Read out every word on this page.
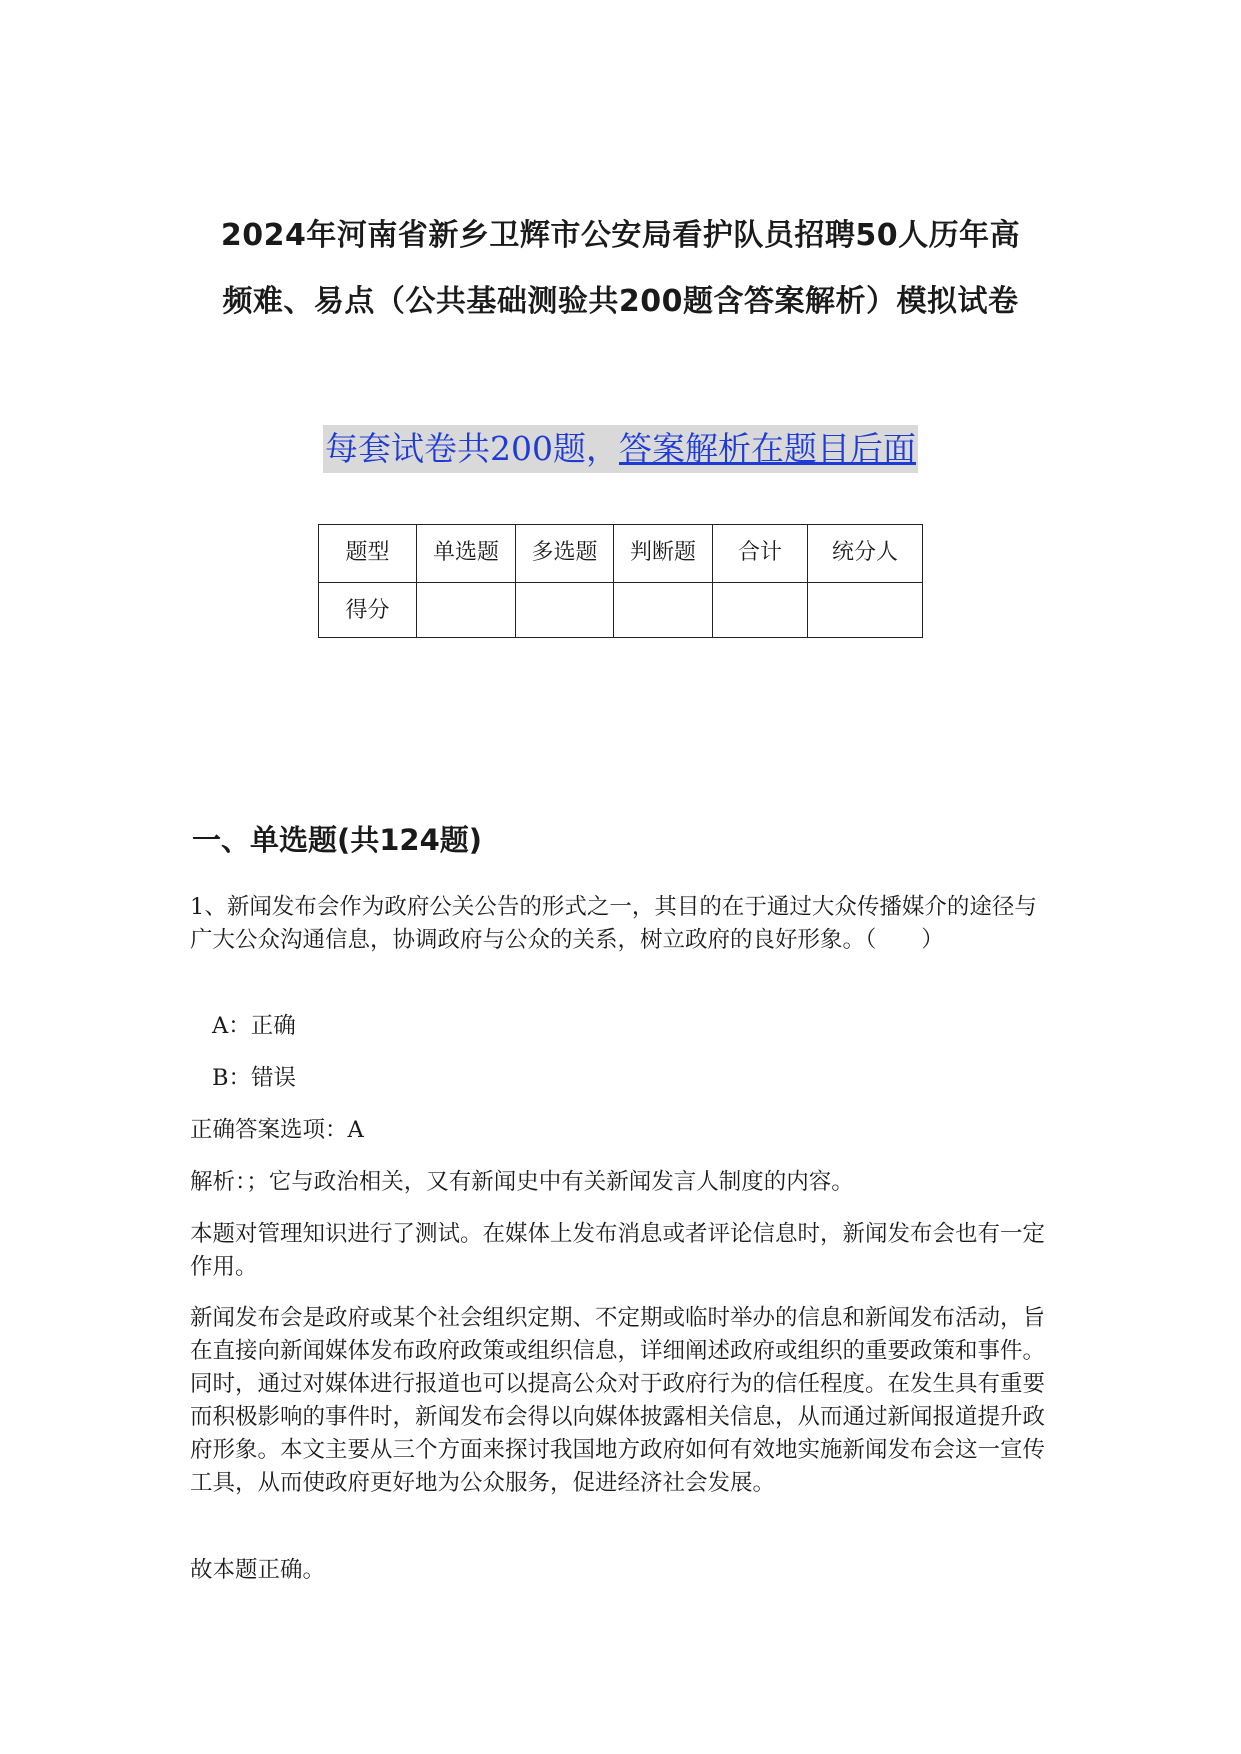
2024年河南省新乡卫辉市公安局看护队员招聘50人历年高
频难、易点（公共基础测验共200题含答案解析）模拟试卷
每套试卷共200题，答案解析在题目后面
题型	单选题	多选题	判断题	合计	统分人
得分					
一、单选题(共124题)

1、新闻发布会作为政府公关公告的形式之一，其目的在于通过大众传播媒介的途径与广大公众沟通信息，协调政府与公众的关系，树立政府的良好形象。（　　）

A：正确
B：错误

正确答案选项：A

解析：；它与政治相关，又有新闻史中有关新闻发言人制度的内容。

本题对管理知识进行了测试。在媒体上发布消息或者评论信息时，新闻发布会也有一定作用。

新闻发布会是政府或某个社会组织定期、不定期或临时举办的信息和新闻发布活动，旨在直接向新闻媒体发布政府政策或组织信息，详细阐述政府或组织的重要政策和事件。同时，通过对媒体进行报道也可以提高公众对于政府行为的信任程度。在发生具有重要而积极影响的事件时，新闻发布会得以向媒体披露相关信息，从而通过新闻报道提升政府形象。本文主要从三个方面来探讨我国地方政府如何有效地实施新闻发布会这一宣传工具，从而使政府更好地为公众服务，促进经济社会发展。

故本题正确。
